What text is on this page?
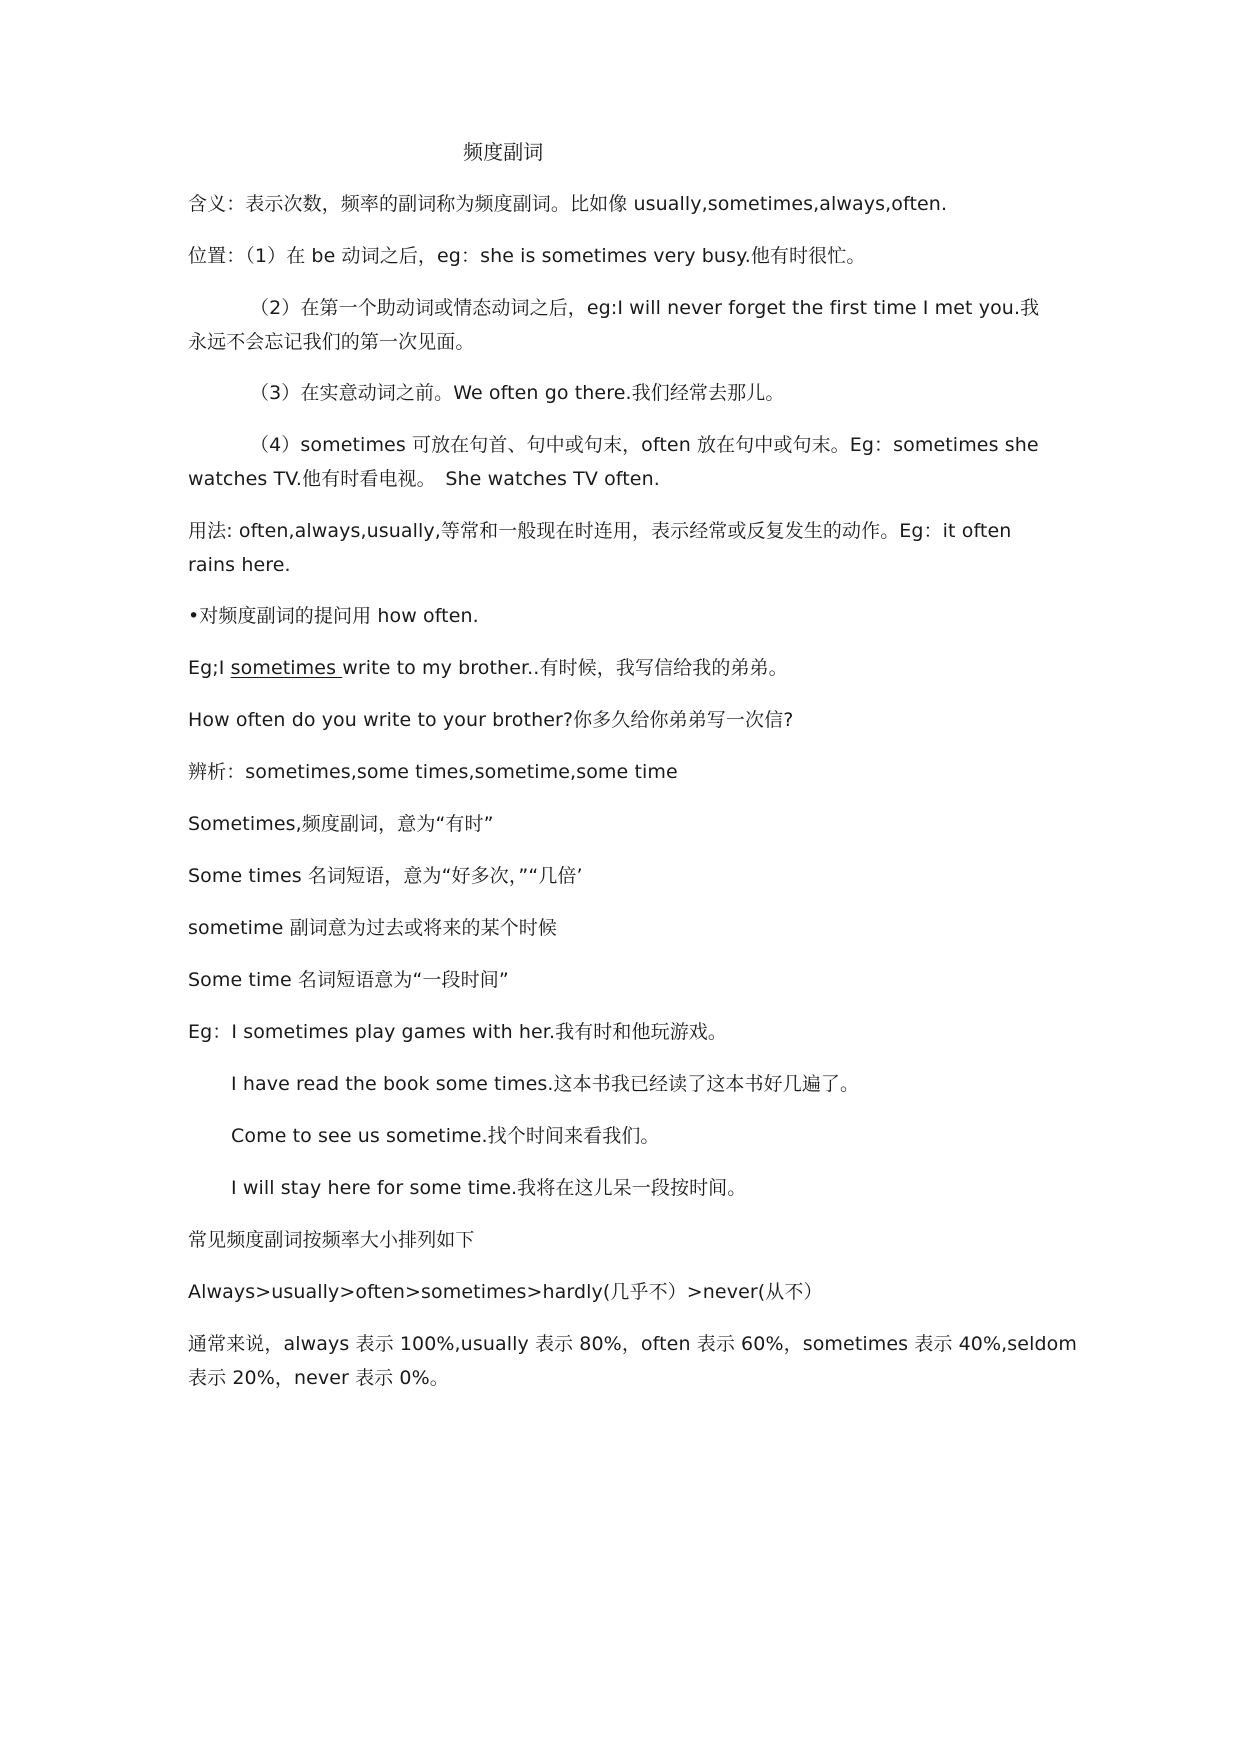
频度副词
含义：表示次数，频率的副词称为频度副词。比如像 usually,sometimes,always,often.
位置：（1）在 be 动词之后，eg：she is sometimes very busy.他有时很忙。
（2）在第一个助动词或情态动词之后，eg:I will never forget the first time I met you.我
永远不会忘记我们的第一次见面。
（3）在实意动词之前。We often go there.我们经常去那儿。
（4）sometimes 可放在句首、句中或句末，often 放在句中或句末。Eg：sometimes she
watches TV.他有时看电视。　She watches TV often.
用法: often,always,usually,等常和一般现在时连用，表示经常或反复发生的动作。Eg：it often
rains here.
•对频度副词的提问用 how often.
Eg;I sometimes write to my brother..有时候，我写信给我的弟弟。
How often do you write to your brother?你多久给你弟弟写一次信?
辨析：sometimes,some times,sometime,some time
Sometimes,频度副词，意为“有时”
Some times 名词短语，意为“好多次，”“几倍’
sometime 副词意为过去或将来的某个时候
Some time 名词短语意为“一段时间”
Eg：I sometimes play games with her.我有时和他玩游戏。
I have read the book some times.这本书我已经读了这本书好几遍了。
Come to see us sometime.找个时间来看我们。
I will stay here for some time.我将在这儿呆一段按时间。
常见频度副词按频率大小排列如下
Always>usually>often>sometimes>hardly(几乎不）>never(从不）
通常来说，always 表示 100%,usually 表示 80%，often 表示 60%，sometimes 表示 40%,seldom
表示 20%，never 表示 0%。
